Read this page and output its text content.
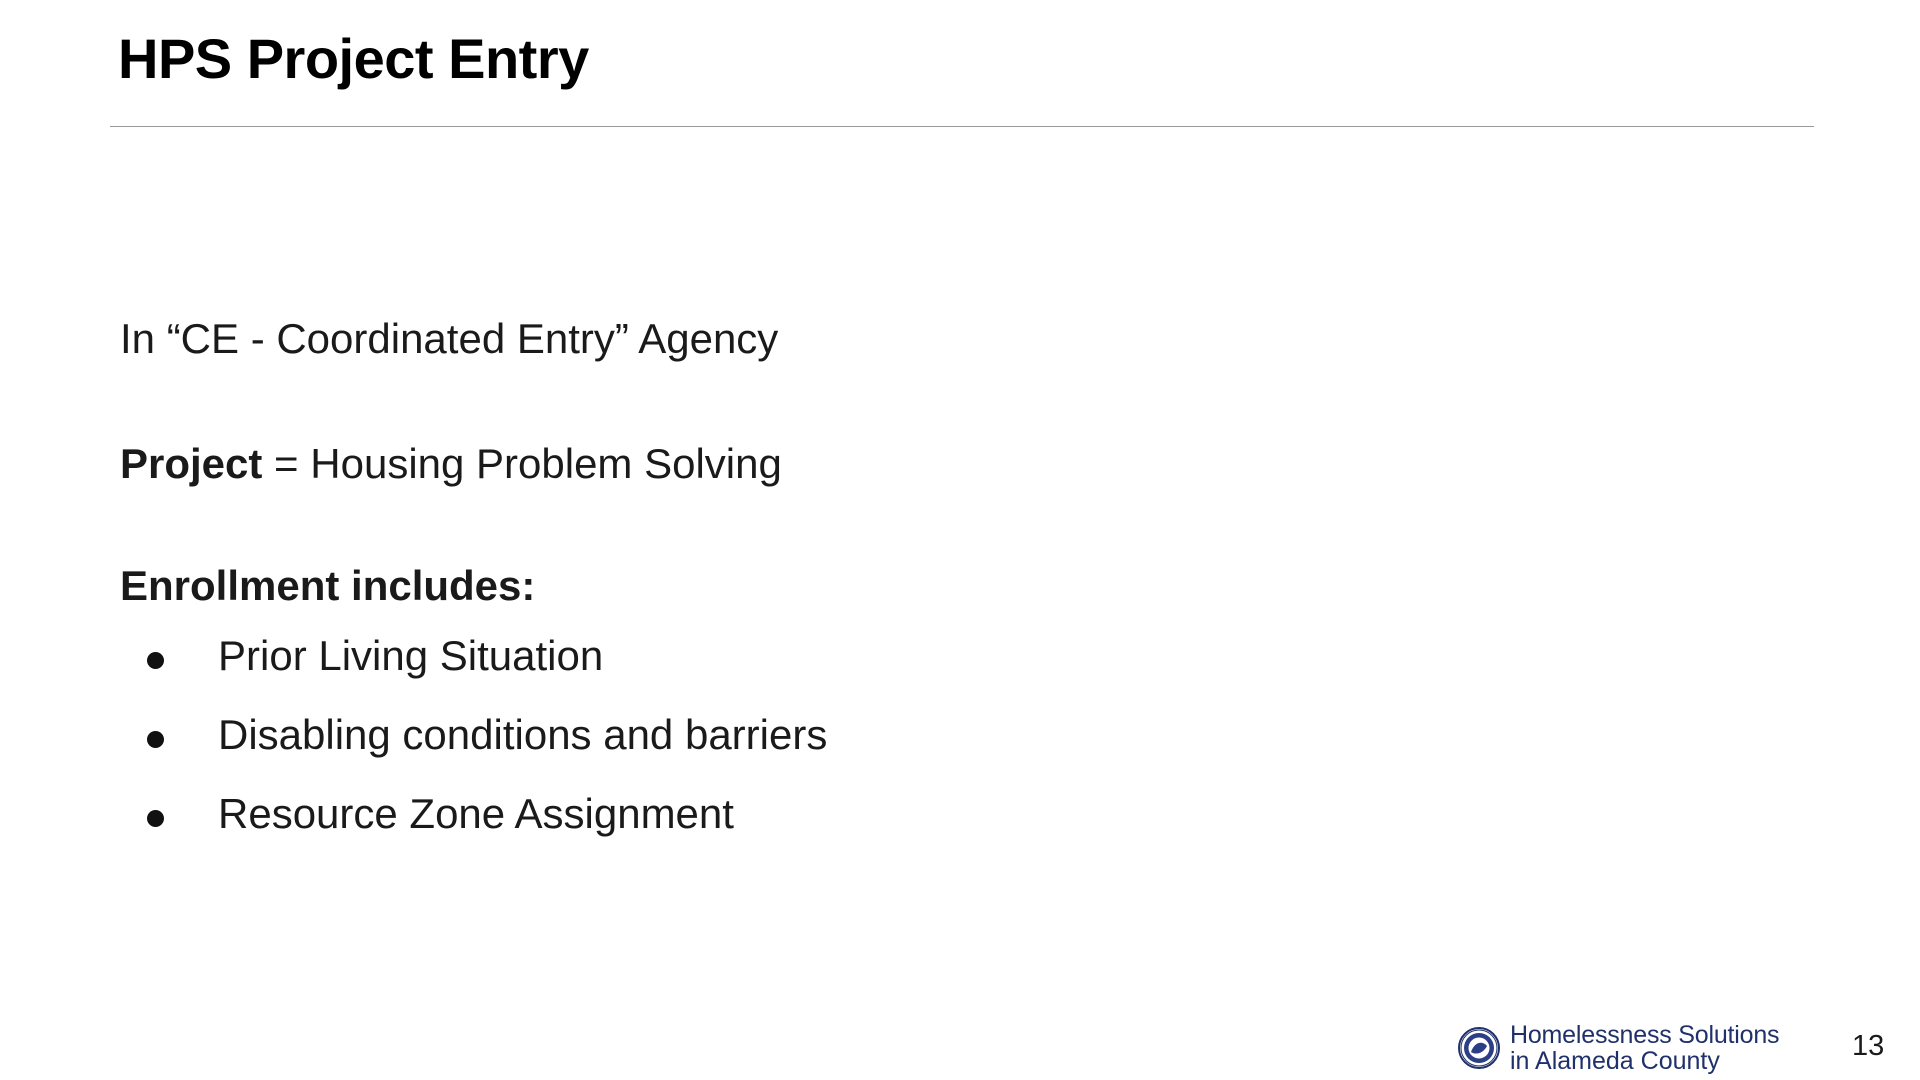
HPS Project Entry
In “CE - Coordinated Entry” Agency
Project = Housing Problem Solving
Enrollment includes:
Prior Living Situation
Disabling conditions and barriers
Resource Zone Assignment
Homelessness Solutions
in Alameda County	13
